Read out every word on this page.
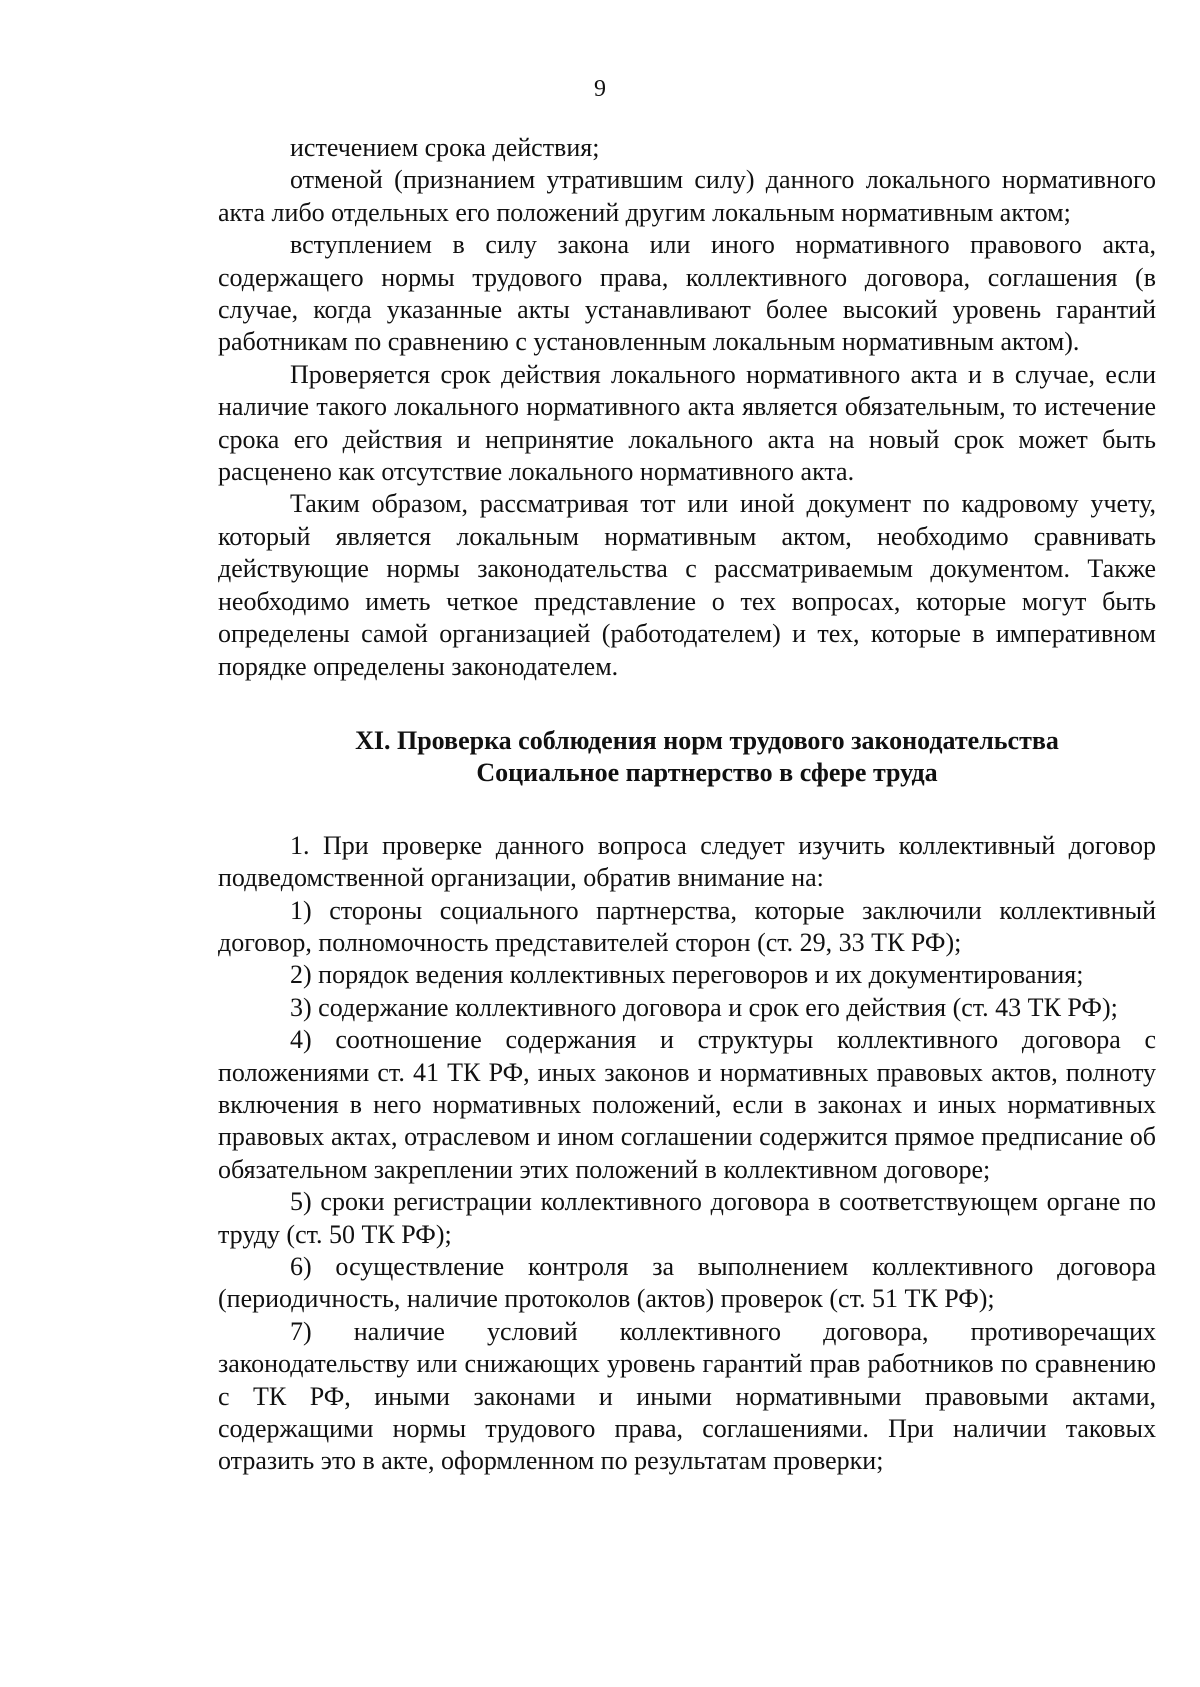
9

истечением срока действия;

отменой (признанием утратившим силу) данного локального нормативного акта либо отдельных его положений другим локальным нормативным актом;

вступлением в силу закона или иного нормативного правового акта, содержащего нормы трудового права, коллективного договора, соглашения (в случае, когда указанные акты устанавливают более высокий уровень гарантий работникам по сравнению с установленным локальным нормативным актом).

Проверяется срок действия локального нормативного акта и в случае, если наличие такого локального нормативного акта является обязательным, то истечение срока его действия и непринятие локального акта на новый срок может быть расценено как отсутствие локального нормативного акта.

Таким образом, рассматривая тот или иной документ по кадровому учету, который является локальным нормативным актом, необходимо сравнивать действующие нормы законодательства с рассматриваемым документом. Также необходимо иметь четкое представление о тех вопросах, которые могут быть определены самой организацией (работодателем) и тех, которые в императивном порядке определены законодателем.

XI. Проверка соблюдения норм трудового законодательства
Социальное партнерство в сфере труда

1. При проверке данного вопроса следует изучить коллективный договор подведомственной организации, обратив внимание на:

1) стороны социального партнерства, которые заключили коллективный договор, полномочность представителей сторон (ст. 29, 33 ТК РФ);

2) порядок ведения коллективных переговоров и их документирования;

3) содержание коллективного договора и срок его действия (ст. 43 ТК РФ);

4) соотношение содержания и структуры коллективного договора с положениями ст. 41 ТК РФ, иных законов и нормативных правовых актов, полноту включения в него нормативных положений, если в законах и иных нормативных правовых актах, отраслевом и ином соглашении содержится прямое предписание об обязательном закреплении этих положений в коллективном договоре;

5) сроки регистрации коллективного договора в соответствующем органе по труду (ст. 50 ТК РФ);

6) осуществление контроля за выполнением коллективного договора (периодичность, наличие протоколов (актов) проверок (ст. 51 ТК РФ);

7) наличие условий коллективного договора, противоречащих законодательству или снижающих уровень гарантий прав работников по сравнению с ТК РФ, иными законами и иными нормативными правовыми актами, содержащими нормы трудового права, соглашениями. При наличии таковых отразить это в акте, оформленном по результатам проверки;
